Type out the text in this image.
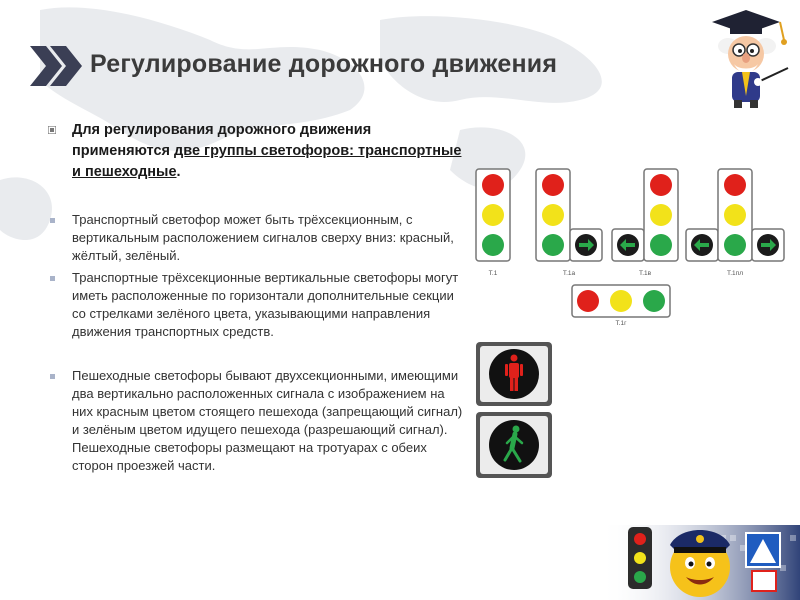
Регулирование дорожного движения
Для регулирования дорожного движения применяются две группы светофоров: транспортные и пешеходные.
Транспортный светофор может быть трёхсекционным, с вертикальным расположением сигналов сверху вниз: красный, жёлтый, зелёный.
Транспортные трёхсекционные вертикальные светофоры могут иметь расположенные по горизонтали дополнительные секции со стрелками зелёного цвета, указывающими направления движения транспортных средств.
Пешеходные светофоры бывают двухсекционными, имеющими два вертикально расположенных сигнала с изображением на них красным цветом стоящего пешехода (запрещающий сигнал) и зелёным цветом идущего пешехода (разрешающий сигнал). Пешеходные светофоры размещают на тротуарах с обеих сторон проезжей части.
Т.1	Т.1а	Т.1в	Т.1пл
Т.1г
